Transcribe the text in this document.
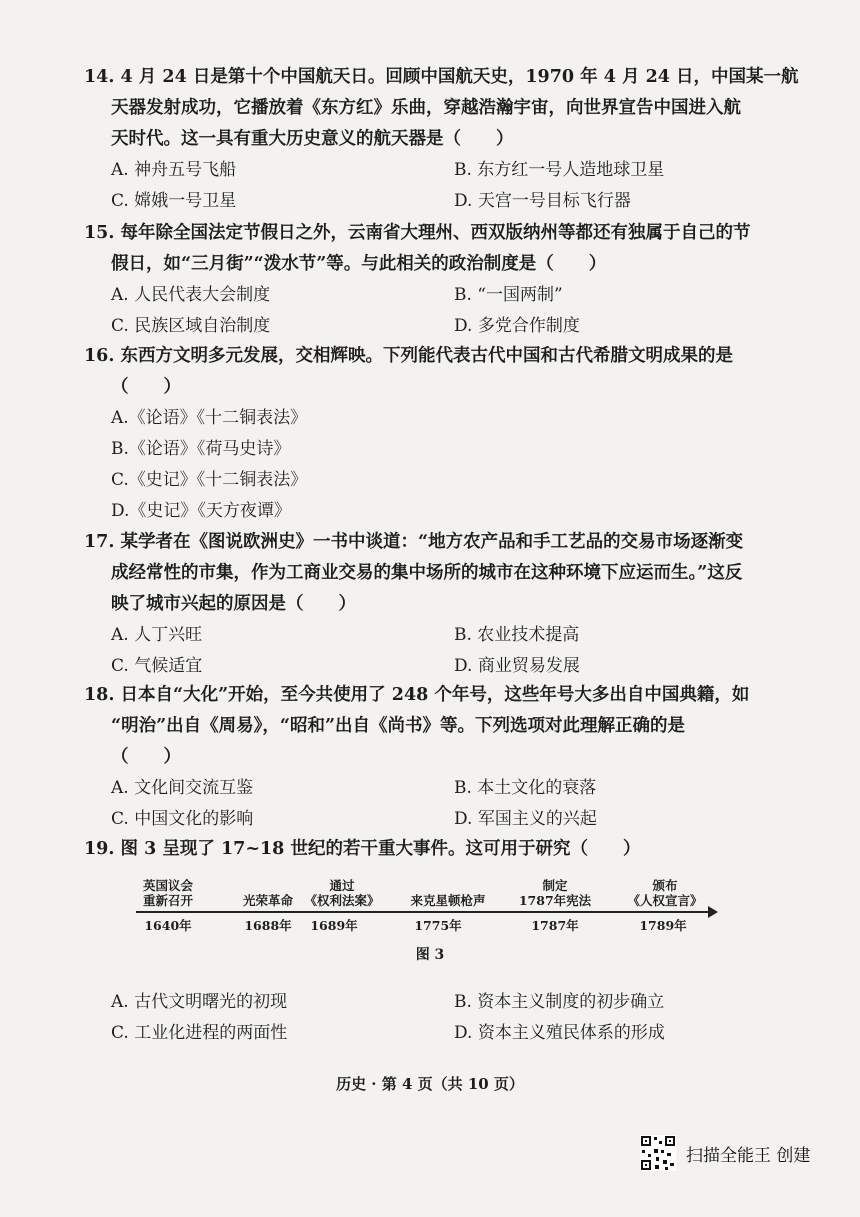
14. 4 月 24 日是第十个中国航天日。回顾中国航天史，1970 年 4 月 24 日，中国某一航
天器发射成功，它播放着《东方红》乐曲，穿越浩瀚宇宙，向世界宣告中国进入航
天时代。这一具有重大历史意义的航天器是（　　）
A. 神舟五号飞船	B. 东方红一号人造地球卫星
C. 嫦娥一号卫星	D. 天宫一号目标飞行器
15. 每年除全国法定节假日之外，云南省大理州、西双版纳州等都还有独属于自己的节
假日，如“三月街”“泼水节”等。与此相关的政治制度是（　　）
A. 人民代表大会制度	B. “一国两制”
C. 民族区域自治制度	D. 多党合作制度
16. 东西方文明多元发展，交相辉映。下列能代表古代中国和古代希腊文明成果的是
（　　）
A.《论语》《十二铜表法》
B.《论语》《荷马史诗》
C.《史记》《十二铜表法》
D.《史记》《天方夜谭》
17. 某学者在《图说欧洲史》一书中谈道：“地方农产品和手工艺品的交易市场逐渐变
成经常性的市集，作为工商业交易的集中场所的城市在这种环境下应运而生。”这反
映了城市兴起的原因是（　　）
A. 人丁兴旺	B. 农业技术提高
C. 气候适宜	D. 商业贸易发展
18. 日本自“大化”开始，至今共使用了 248 个年号，这些年号大多出自中国典籍，如
“明治”出自《周易》，“昭和”出自《尚书》等。下列选项对此理解正确的是
（　　）
A. 文化间交流互鉴	B. 本土文化的衰落
C. 中国文化的影响	D. 军国主义的兴起
19. 图 3 呈现了 17~18 世纪的若干重大事件。这可用于研究（　　）
英国议会
重新召开	光荣革命
通过
《权利法案》 来克星顿枪声
制定
1787年宪法
颁布
《人权宣言》
1640年	1688年 1689年	1775年	1787年	1789年
图 3
A. 古代文明曙光的初现	B. 资本主义制度的初步确立
C. 工业化进程的两面性	D. 资本主义殖民体系的形成
历史 · 第 4 页（共 10 页）
扫描全能王 创建
